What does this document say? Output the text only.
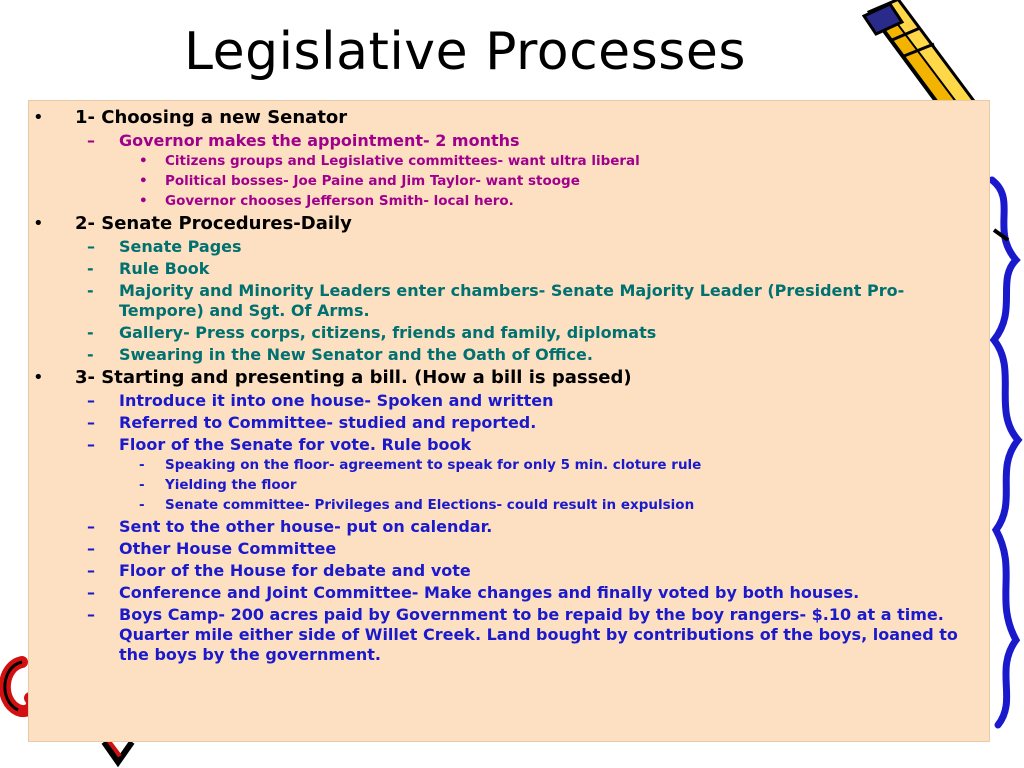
Legislative Processes
• 1- Choosing a new Senator
– Governor makes the appointment- 2 months
• Citizens groups and Legislative committees- want ultra liberal
• Political bosses- Joe Paine and Jim Taylor- want stooge
• Governor chooses Jefferson Smith- local hero.
• 2- Senate Procedures-Daily
– Senate Pages
- Rule Book
- Majority and Minority Leaders enter chambers- Senate Majority Leader (President Pro-Tempore) and Sgt. Of Arms.
- Gallery- Press corps, citizens, friends and family, diplomats
- Swearing in the New Senator and the Oath of Office.
• 3- Starting and presenting a bill. (How a bill is passed)
– Introduce it into one house- Spoken and written
– Referred to Committee- studied and reported.
– Floor of the Senate for vote. Rule book
- Speaking on the floor- agreement to speak for only 5 min. cloture rule
- Yielding the floor
- Senate committee- Privileges and Elections- could result in expulsion
– Sent to the other house- put on calendar.
– Other House Committee
– Floor of the House for debate and vote
– Conference and Joint Committee- Make changes and finally voted by both houses.
– Boys Camp- 200 acres paid by Government to be repaid by the boy rangers- $.10 at a time. Quarter mile either side of Willet Creek. Land bought by contributions of the boys, loaned to the boys by the government.
